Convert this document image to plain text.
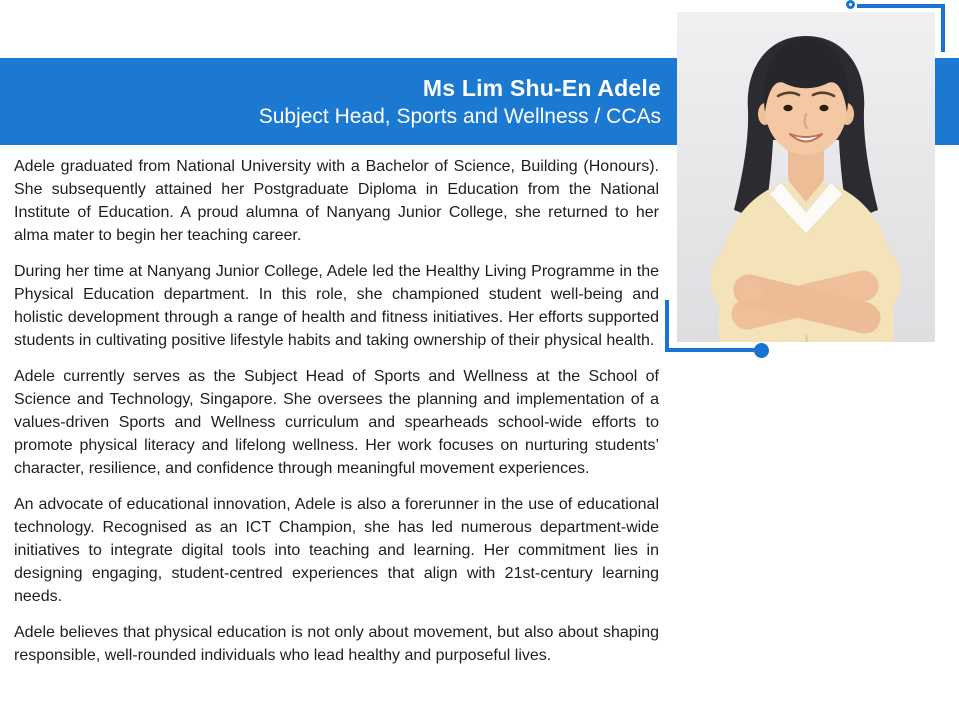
Ms Lim Shu-En Adele
Subject Head, Sports and Wellness / CCAs

Adele graduated from National University with a Bachelor of Science, Building (Honours). She subsequently attained her Postgraduate Diploma in Education from the National Institute of Education. A proud alumna of Nanyang Junior College, she returned to her alma mater to begin her teaching career.

During her time at Nanyang Junior College, Adele led the Healthy Living Programme in the Physical Education department. In this role, she championed student well-being and holistic development through a range of health and fitness initiatives. Her efforts supported students in cultivating positive lifestyle habits and taking ownership of their physical health.

Adele currently serves as the Subject Head of Sports and Wellness at the School of Science and Technology, Singapore. She oversees the planning and implementation of a values-driven Sports and Wellness curriculum and spearheads school-wide efforts to promote physical literacy and lifelong wellness. Her work focuses on nurturing students’ character, resilience, and confidence through meaningful movement experiences.

An advocate of educational innovation, Adele is also a forerunner in the use of educational technology. Recognised as an ICT Champion, she has led numerous department-wide initiatives to integrate digital tools into teaching and learning. Her commitment lies in designing engaging, student-centred experiences that align with 21st-century learning needs.

Adele believes that physical education is not only about movement, but also about shaping responsible, well-rounded individuals who lead healthy and purposeful lives.
